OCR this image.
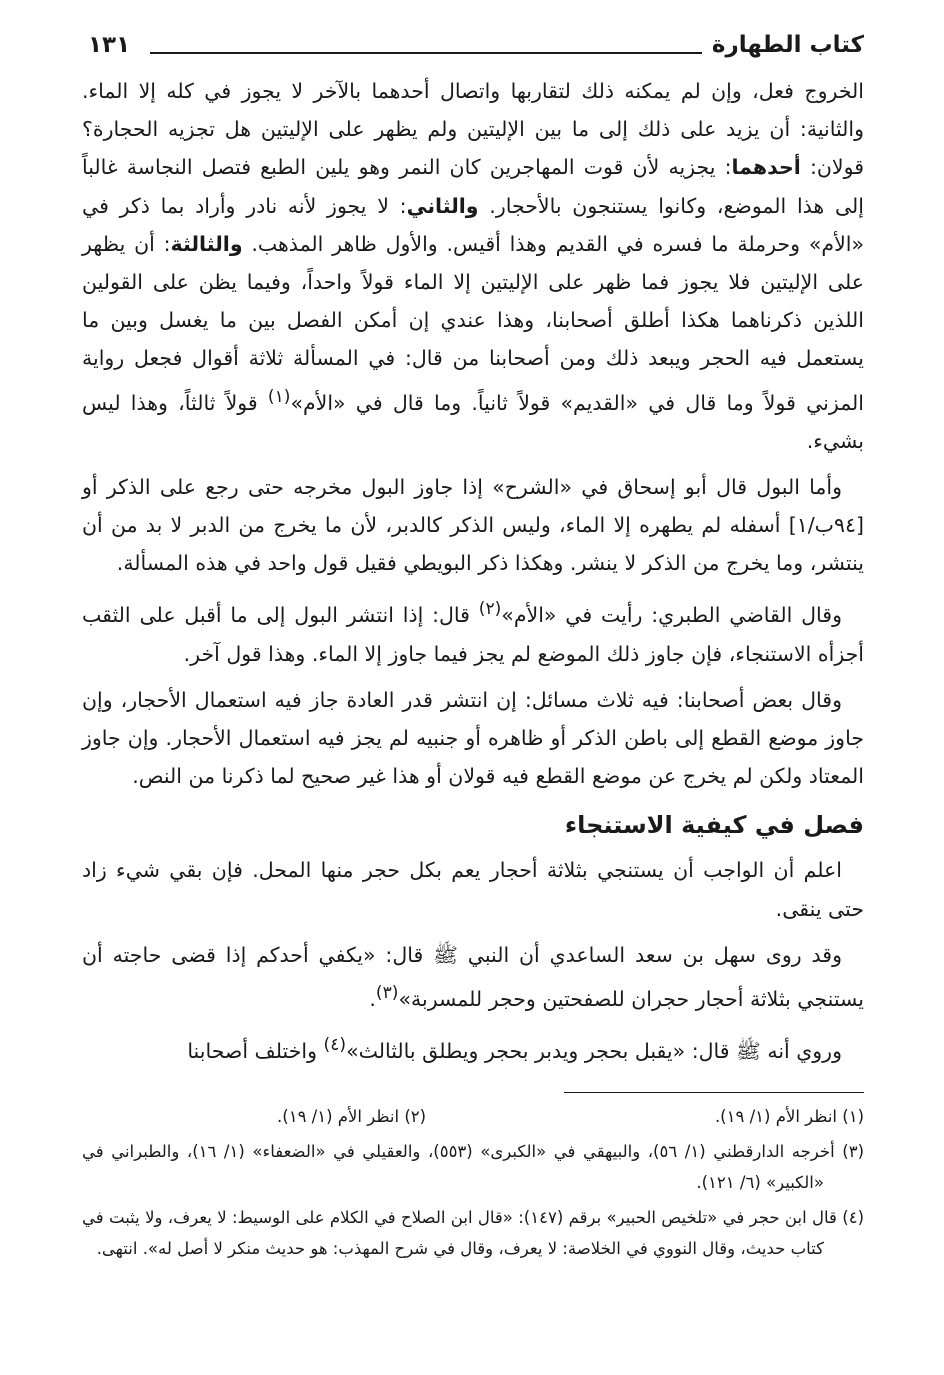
كتاب الطهارة
١٣١

الخروج فعل، وإن لم يمكنه ذلك لتقاربها واتصال أحدهما بالآخر لا يجوز في كله إلا الماء. والثانية: أن يزيد على ذلك إلى ما بين الإليتين ولم يظهر على الإليتين هل تجزيه الحجارة؟ قولان: أحدهما: يجزيه لأن قوت المهاجرين كان النمر وهو يلين الطبع فتصل النجاسة غالباً إلى هذا الموضع، وكانوا يستنجون بالأحجار. والثاني: لا يجوز لأنه نادر وأراد بما ذكر في «الأم» وحرملة ما فسره في القديم وهذا أقيس. والأول ظاهر المذهب. والثالثة: أن يظهر على الإليتين فلا يجوز فما ظهر على الإليتين إلا الماء قولاً واحداً، وفيما يظن على القولين اللذين ذكرناهما هكذا أطلق أصحابنا، وهذا عندي إن أمكن الفصل بين ما يغسل وبين ما يستعمل فيه الحجر ويبعد ذلك ومن أصحابنا من قال: في المسألة ثلاثة أقوال فجعل رواية المزني قولاً وما قال في «القديم» قولاً ثانياً. وما قال في «الأم»$^{(١)}$ قولاً ثالثاً، وهذا ليس بشيء.

وأما البول قال أبو إسحاق في «الشرح» إذا جاوز البول مخرجه حتى رجع على الذكر أو [٩٤ب/١] أسفله لم يطهره إلا الماء، وليس الذكر كالدبر، لأن ما يخرج من الدبر لا بد من أن ينتشر، وما يخرج من الذكر لا ينشر. وهكذا ذكر البويطي فقيل قول واحد في هذه المسألة.

وقال القاضي الطبري: رأيت في «الأم»$^{(٢)}$ قال: إذا انتشر البول إلى ما أقبل على الثقب أجزأه الاستنجاء، فإن جاوز ذلك الموضع لم يجز فيما جاوز إلا الماء. وهذا قول آخر.

وقال بعض أصحابنا: فيه ثلاث مسائل: إن انتشر قدر العادة جاز فيه استعمال الأحجار، وإن جاوز موضع القطع إلى باطن الذكر أو ظاهره أو جنبيه لم يجز فيه استعمال الأحجار. وإن جاوز المعتاد ولكن لم يخرج عن موضع القطع فيه قولان أو هذا غير صحيح لما ذكرنا من النص.

فصل في كيفية الاستنجاء

اعلم أن الواجب أن يستنجي بثلاثة أحجار يعم بكل حجر منها المحل. فإن بقي شيء زاد حتى ينقى.

وقد روى سهل بن سعد الساعدي أن النبي ﷺ قال: «يكفي أحدكم إذا قضى حاجته أن يستنجي بثلاثة أحجار حجران للصفحتين وحجر للمسربة»$^{(٣)}$.

وروي أنه ﷺ قال: «يقبل بحجر ويدبر بحجر ويطلق بالثالث»$^{(٤)}$ واختلف أصحابنا

(١) انظر الأم (١/ ١٩).
(٢) انظر الأم (١/ ١٩).
(٣) أخرجه الدارقطني (١/ ٥٦)، والبيهقي في «الكبرى» (٥٥٣)، والعقيلي في «الضعفاء» (١/ ١٦)، والطبراني في «الكبير» (٦/ ١٢١).
(٤) قال ابن حجر في «تلخيص الحبير» برقم (١٤٧): «قال ابن الصلاح في الكلام على الوسيط: لا يعرف، ولا يثبت في كتاب حديث، وقال النووي في الخلاصة: لا يعرف، وقال في شرح المهذب: هو حديث منكر لا أصل له». انتهى.
